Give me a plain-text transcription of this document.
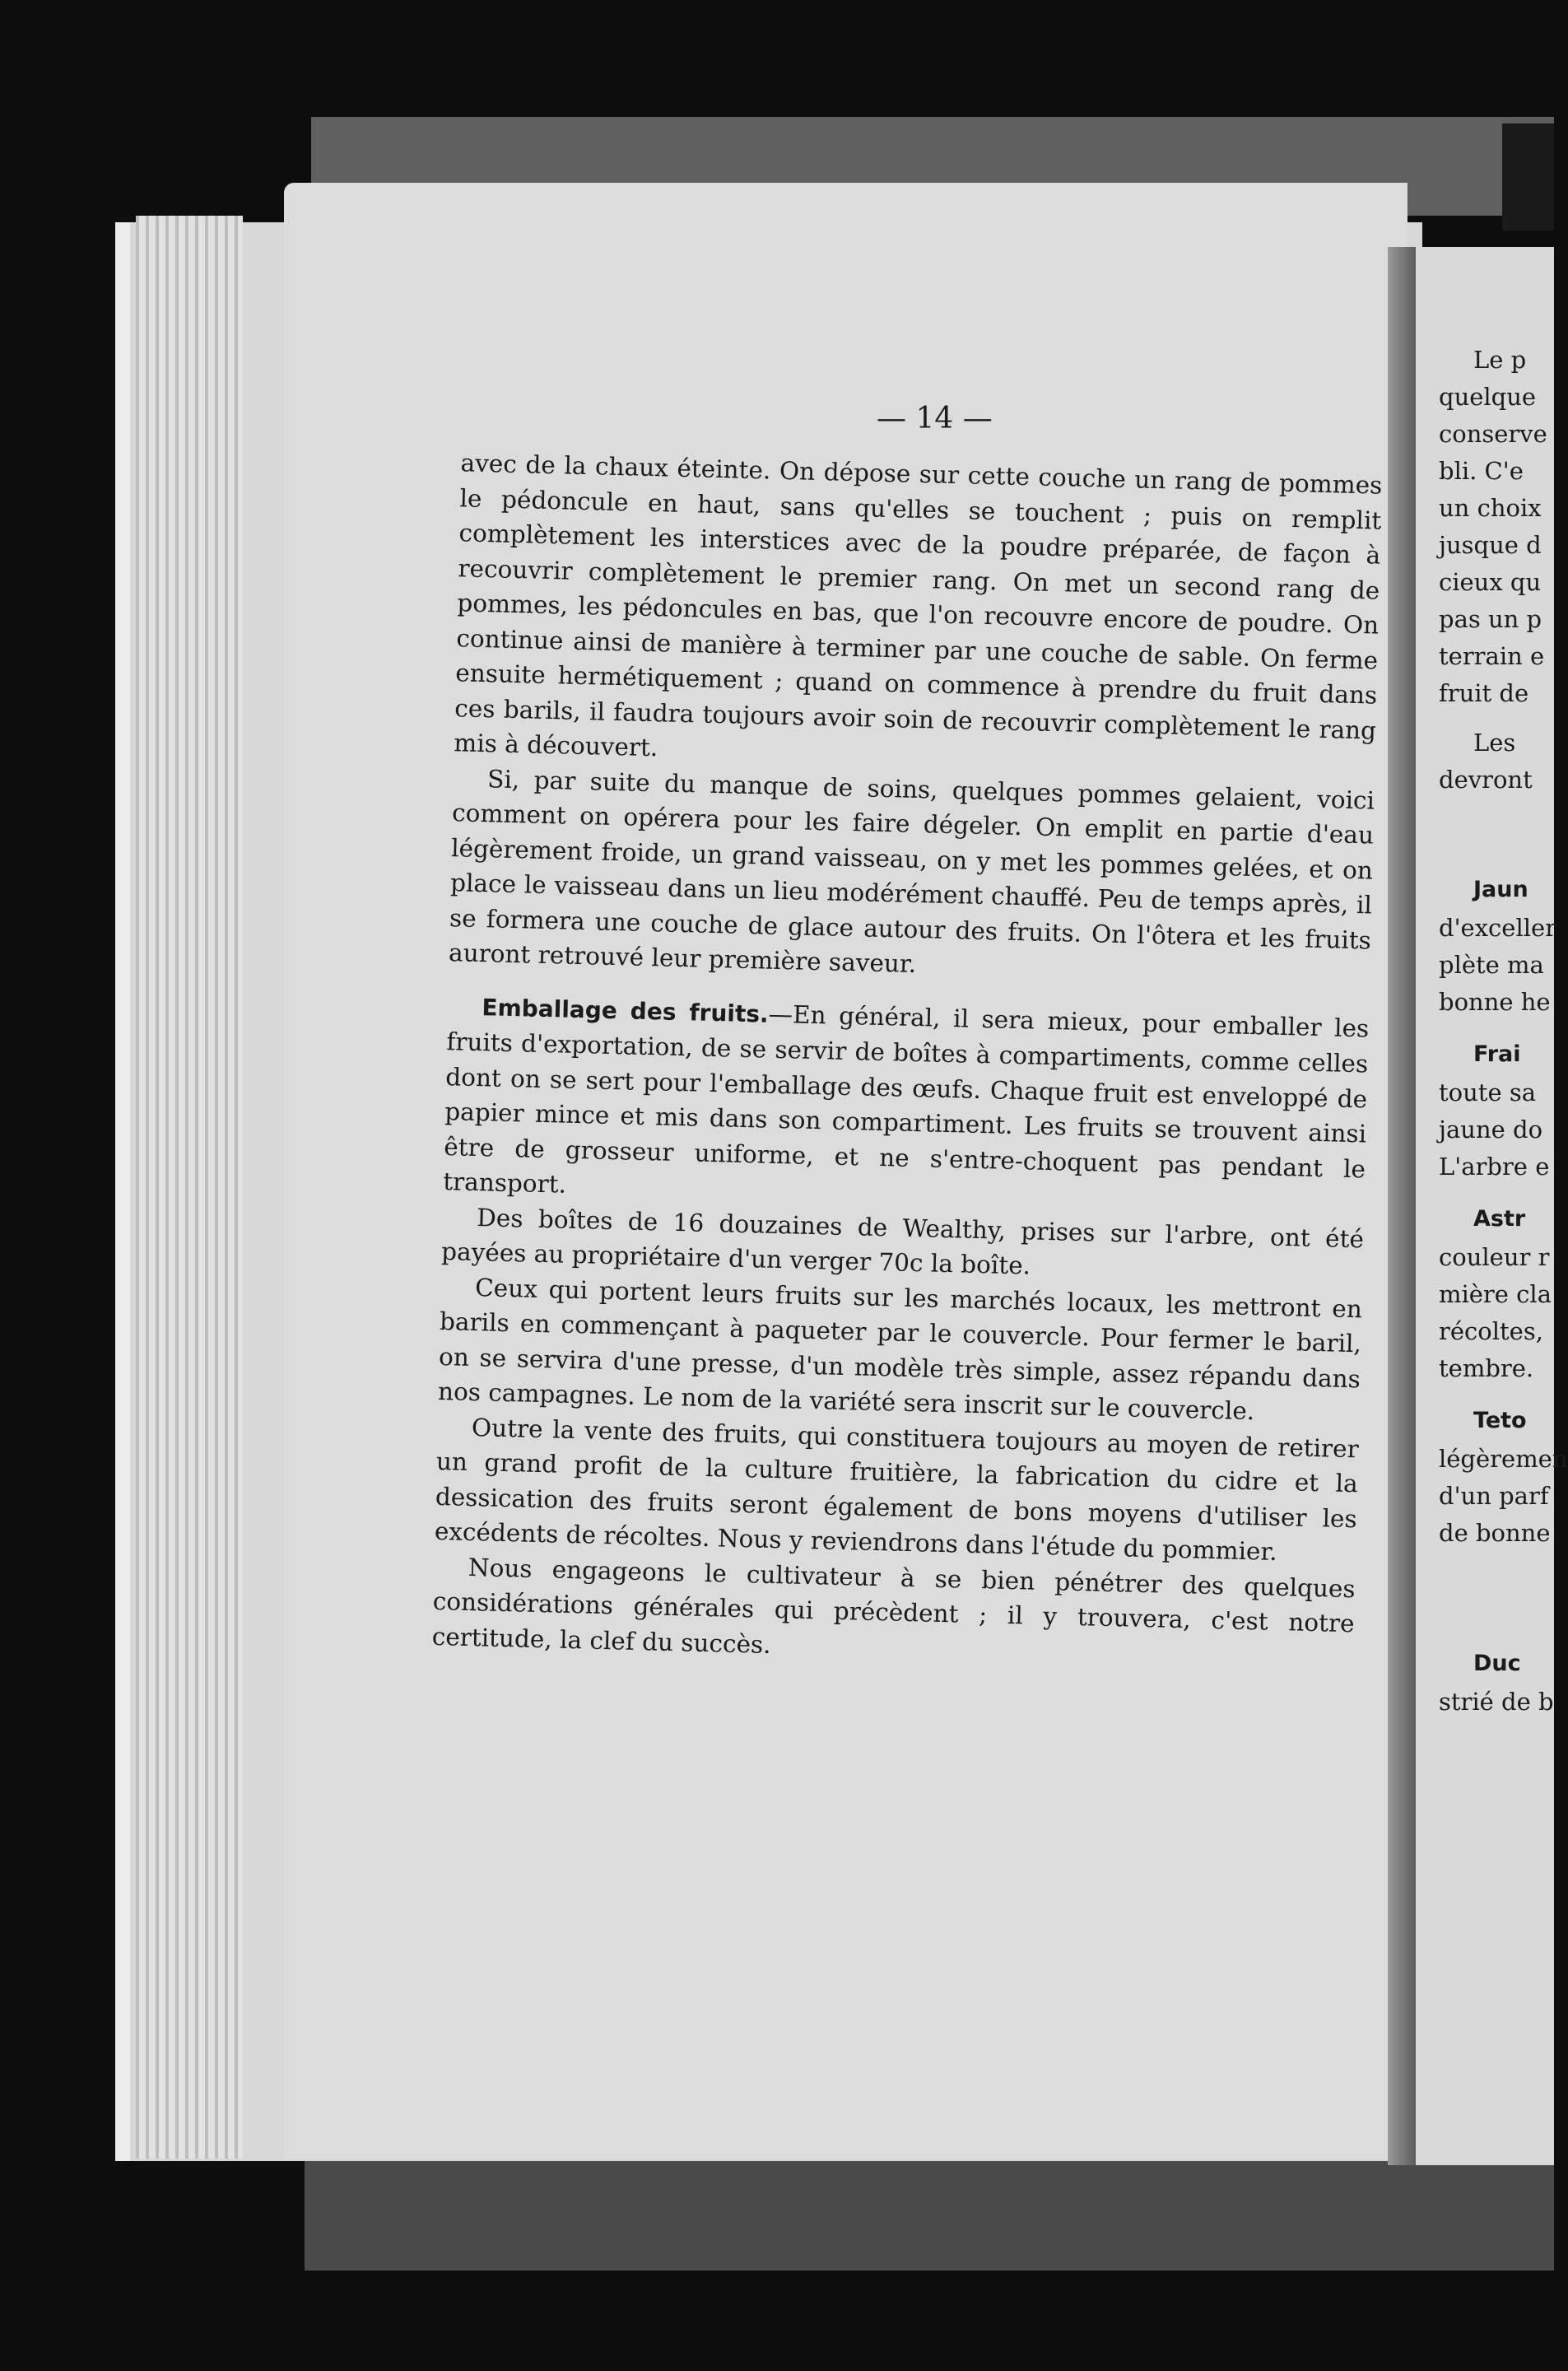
— 14 —

avec de la chaux éteinte. On dépose sur cette couche un rang de pommes le pédoncule en haut, sans qu'elles se touchent ; puis on remplit complètement les interstices avec de la poudre préparée, de façon à recouvrir complètement le premier rang. On met un second rang de pommes, les pédoncules en bas, que l'on recouvre encore de poudre. On continue ainsi de manière à terminer par une couche de sable. On ferme ensuite hermétiquement ; quand on commence à prendre du fruit dans ces barils, il faudra toujours avoir soin de recouvrir complètement le rang mis à découvert.

Si, par suite du manque de soins, quelques pommes gelaient, voici comment on opérera pour les faire dégeler. On emplit en partie d'eau légèrement froide, un grand vaisseau, on y met les pommes gelées, et on place le vaisseau dans un lieu modérément chauffé. Peu de temps après, il se formera une couche de glace autour des fruits. On l'ôtera et les fruits auront retrouvé leur première saveur.

Emballage des fruits.—En général, il sera mieux, pour emballer les fruits d'exportation, de se servir de boîtes à compartiments, comme celles dont on se sert pour l'emballage des œufs. Chaque fruit est enveloppé de papier mince et mis dans son compartiment. Les fruits se trouvent ainsi être de grosseur uniforme, et ne s'entre-choquent pas pendant le transport.

Des boîtes de 16 douzaines de Wealthy, prises sur l'arbre, ont été payées au propriétaire d'un verger 70c la boîte.

Ceux qui portent leurs fruits sur les marchés locaux, les mettront en barils en commençant à paqueter par le couvercle. Pour fermer le baril, on se servira d'une presse, d'un modèle très simple, assez répandu dans nos campagnes. Le nom de la variété sera inscrit sur le couvercle.

Outre la vente des fruits, qui constituera toujours au moyen de retirer un grand profit de la culture fruitière, la fabrication du cidre et la dessication des fruits seront également de bons moyens d'utiliser les excédents de récoltes. Nous y reviendrons dans l'étude du pommier.

Nous engageons le cultivateur à se bien pénétrer des quelques considérations générales qui précèdent ; il y trouvera, c'est notre certitude, la clef du succès.

Le p
quelque
conserve
bli. C'e
un choix
jusque d
cieux qu
pas un p
terrain e
fruit de
Les
devront
Jaun
d'exceller
plète ma
bonne he
Frai
toute sa
jaune do
L'arbre e
Astr
couleur r
mière cla
récoltes,
tembre.
Teto
légèremen
d'un parf
de bonne
Duc
strié de b
